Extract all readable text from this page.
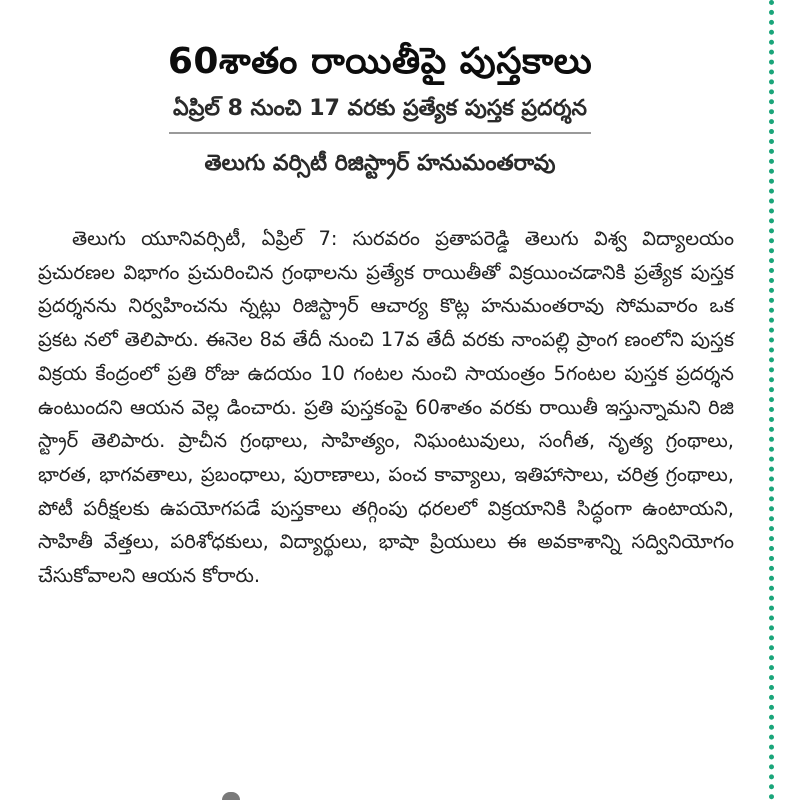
60శాతం రాయితీపై పుస్తకాలు
ఏప్రిల్ 8 నుంచి 17 వరకు ప్రత్యేక పుస్తక ప్రదర్శన
తెలుగు వర్సిటీ రిజిస్ట్రార్ హనుమంతరావు

తెలుగు యూనివర్సిటీ, ఏప్రిల్ 7: సురవరం ప్రతాపరెడ్డి తెలుగు విశ్వ విద్యాలయం ప్రచురణల విభాగం ప్రచురించిన గ్రంథాలను ప్రత్యేక రాయితీతో విక్రయించడానికి ప్రత్యేక పుస్తక ప్రదర్శనను నిర్వహించను న్నట్లు రిజిస్ట్రార్ ఆచార్య కొట్ల హనుమంతరావు సోమవారం ఒక ప్రకట నలో తెలిపారు. ఈనెల 8వ తేదీ నుంచి 17వ తేదీ వరకు నాంపల్లి ప్రాంగ ణంలోని పుస్తక విక్రయ కేంద్రంలో ప్రతి రోజు ఉదయం 10 గంటల నుంచి సాయంత్రం 5గంటల పుస్తక ప్రదర్శన ఉంటుందని ఆయన వెల్ల డించారు. ప్రతి పుస్తకంపై 60శాతం వరకు రాయితీ ఇస్తున్నామని రిజి స్ట్రార్ తెలిపారు. ప్రాచీన గ్రంథాలు, సాహిత్యం, నిఘంటువులు, సంగీత, నృత్య గ్రంథాలు, భారత, భాగవతాలు, ప్రబంధాలు, పురాణాలు, పంచ కావ్యాలు, ఇతిహాసాలు, చరిత్ర గ్రంథాలు, పోటీ పరీక్షలకు ఉపయోగపడే పుస్తకాలు తగ్గింపు ధరలలో విక్రయానికి సిద్ధంగా ఉంటాయని, సాహితీ వేత్తలు, పరిశోధకులు, విద్యార్థులు, భాషా ప్రియులు ఈ అవకాశాన్ని సద్వినియోగం చేసుకోవాలని ఆయన కోరారు.
